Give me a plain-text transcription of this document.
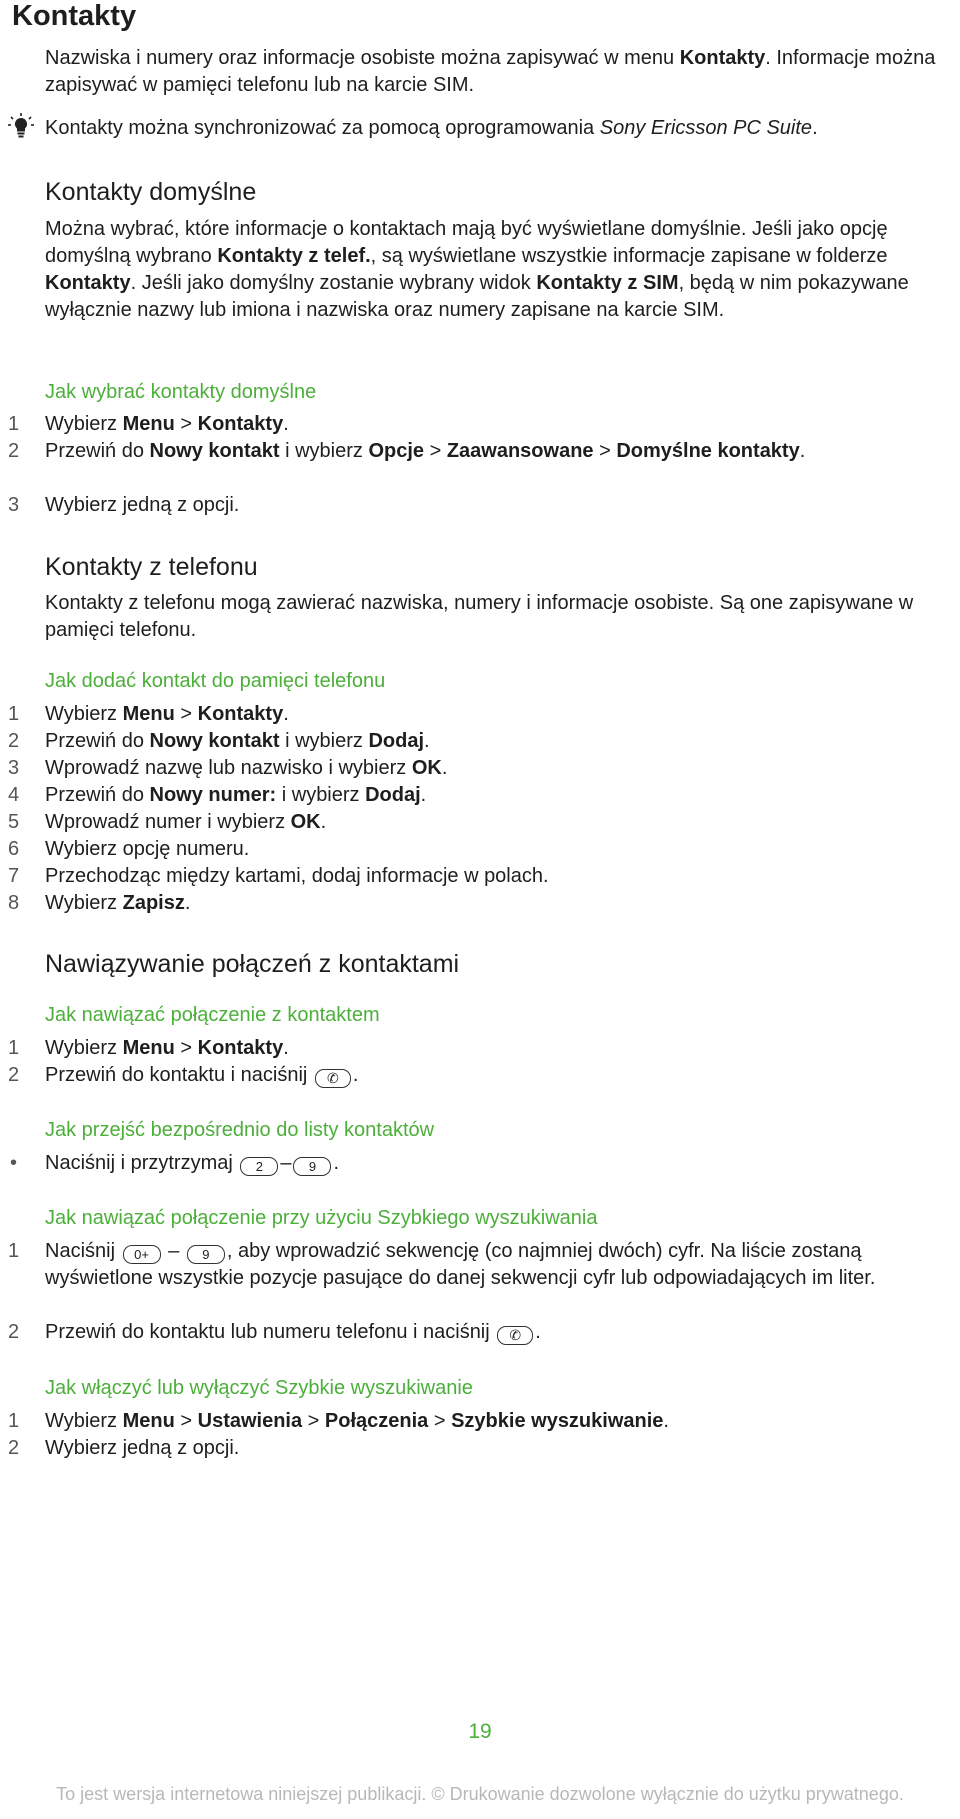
Kontakty

Nazwiska i numery oraz informacje osobiste można zapisywać w menu Kontakty. Informacje można zapisywać w pamięci telefonu lub na karcie SIM.

Kontakty można synchronizować za pomocą oprogramowania Sony Ericsson PC Suite.

Kontakty domyślne

Można wybrać, które informacje o kontaktach mają być wyświetlane domyślnie. Jeśli jako opcję domyślną wybrano Kontakty z telef., są wyświetlane wszystkie informacje zapisane w folderze Kontakty. Jeśli jako domyślny zostanie wybrany widok Kontakty z SIM, będą w nim pokazywane wyłącznie nazwy lub imiona i nazwiska oraz numery zapisane na karcie SIM.

Jak wybrać kontakty domyślne
1 Wybierz Menu > Kontakty.
2 Przewiń do Nowy kontakt i wybierz Opcje > Zaawansowane > Domyślne kontakty.
3 Wybierz jedną z opcji.
Kontakty z telefonu

Kontakty z telefonu mogą zawierać nazwiska, numery i informacje osobiste. Są one zapisywane w pamięci telefonu.

Jak dodać kontakt do pamięci telefonu
1 Wybierz Menu > Kontakty.
2 Przewiń do Nowy kontakt i wybierz Dodaj.
3 Wprowadź nazwę lub nazwisko i wybierz OK.
4 Przewiń do Nowy numer: i wybierz Dodaj.
5 Wprowadź numer i wybierz OK.
6 Wybierz opcję numeru.
7 Przechodząc między kartami, dodaj informacje w polach.
8 Wybierz Zapisz.
Nawiązywanie połączeń z kontaktami
Jak nawiązać połączenie z kontaktem
1 Wybierz Menu > Kontakty.
2 Przewiń do kontaktu i naciśnij ✆ .
Jak przejść bezpośrednio do listy kontaktów
• Naciśnij i przytrzymaj 2 – 9 .
Jak nawiązać połączenie przy użyciu Szybkiego wyszukiwania
1 Naciśnij 0+ – 9 , aby wprowadzić sekwencję (co najmniej dwóch) cyfr. Na liście zostaną wyświetlone wszystkie pozycje pasujące do danej sekwencji cyfr lub odpowiadających im liter.
2 Przewiń do kontaktu lub numeru telefonu i naciśnij ✆ .
Jak włączyć lub wyłączyć Szybkie wyszukiwanie
1 Wybierz Menu > Ustawienia > Połączenia > Szybkie wyszukiwanie.
2 Wybierz jedną z opcji.
19
To jest wersja internetowa niniejszej publikacji. © Drukowanie dozwolone wyłącznie do użytku prywatnego.
